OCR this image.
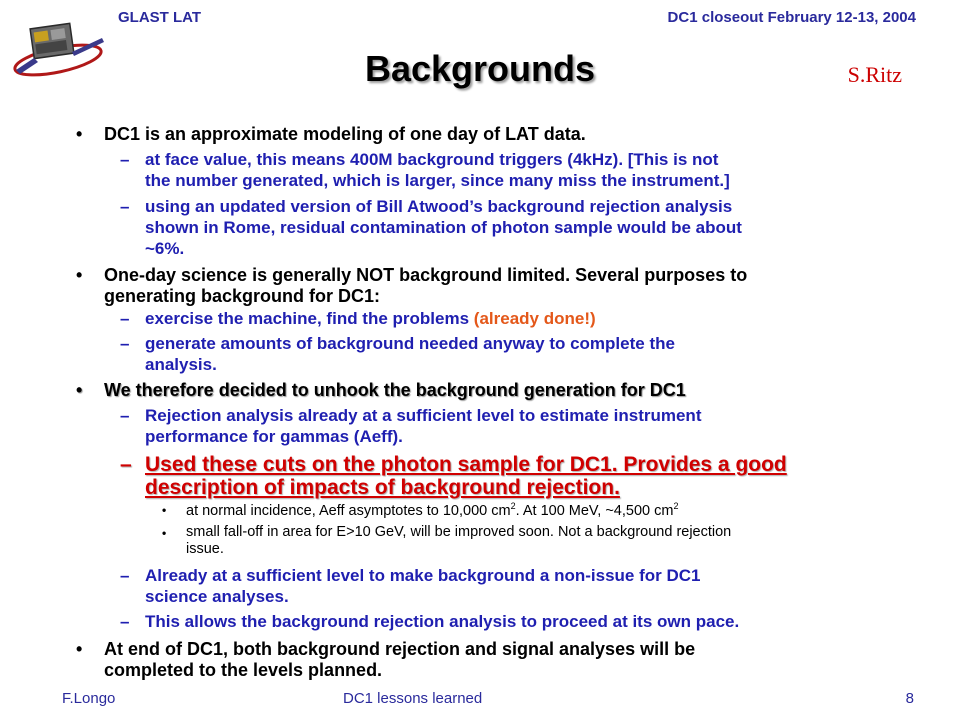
GLAST LAT	DC1 closeout February 12-13, 2004
Backgrounds	S.Ritz
• DC1 is an approximate modeling of one day of LAT data.
– at face value, this means 400M background triggers (4kHz). [This is not
the number generated, which is larger, since many miss the instrument.]
– using an updated version of Bill Atwood’s background rejection analysis
shown in Rome, residual contamination of photon sample would be about
~6%.
• One-day science is generally NOT background limited. Several purposes to
generating background for DC1:
– exercise the machine, find the problems (already done!)
– generate amounts of background needed anyway to complete the
analysis.
• We therefore decided to unhook the background generation for DC1
– Rejection analysis already at a sufficient level to estimate instrument
performance for gammas (Aeff).
– Used these cuts on the photon sample for DC1. Provides a good
description of impacts of background rejection.
• at normal incidence, Aeff asymptotes to 10,000 $cm^2$. At 100 MeV, ~4,500 $cm^2$
• small fall-off in area for E>10 GeV, will be improved soon. Not a background rejection
issue.
– Already at a sufficient level to make background a non-issue for DC1
science analyses.
– This allows the background rejection analysis to proceed at its own pace.
• At end of DC1, both background rejection and signal analyses will be
completed to the levels planned.
F.Longo	DC1 lessons learned	8
